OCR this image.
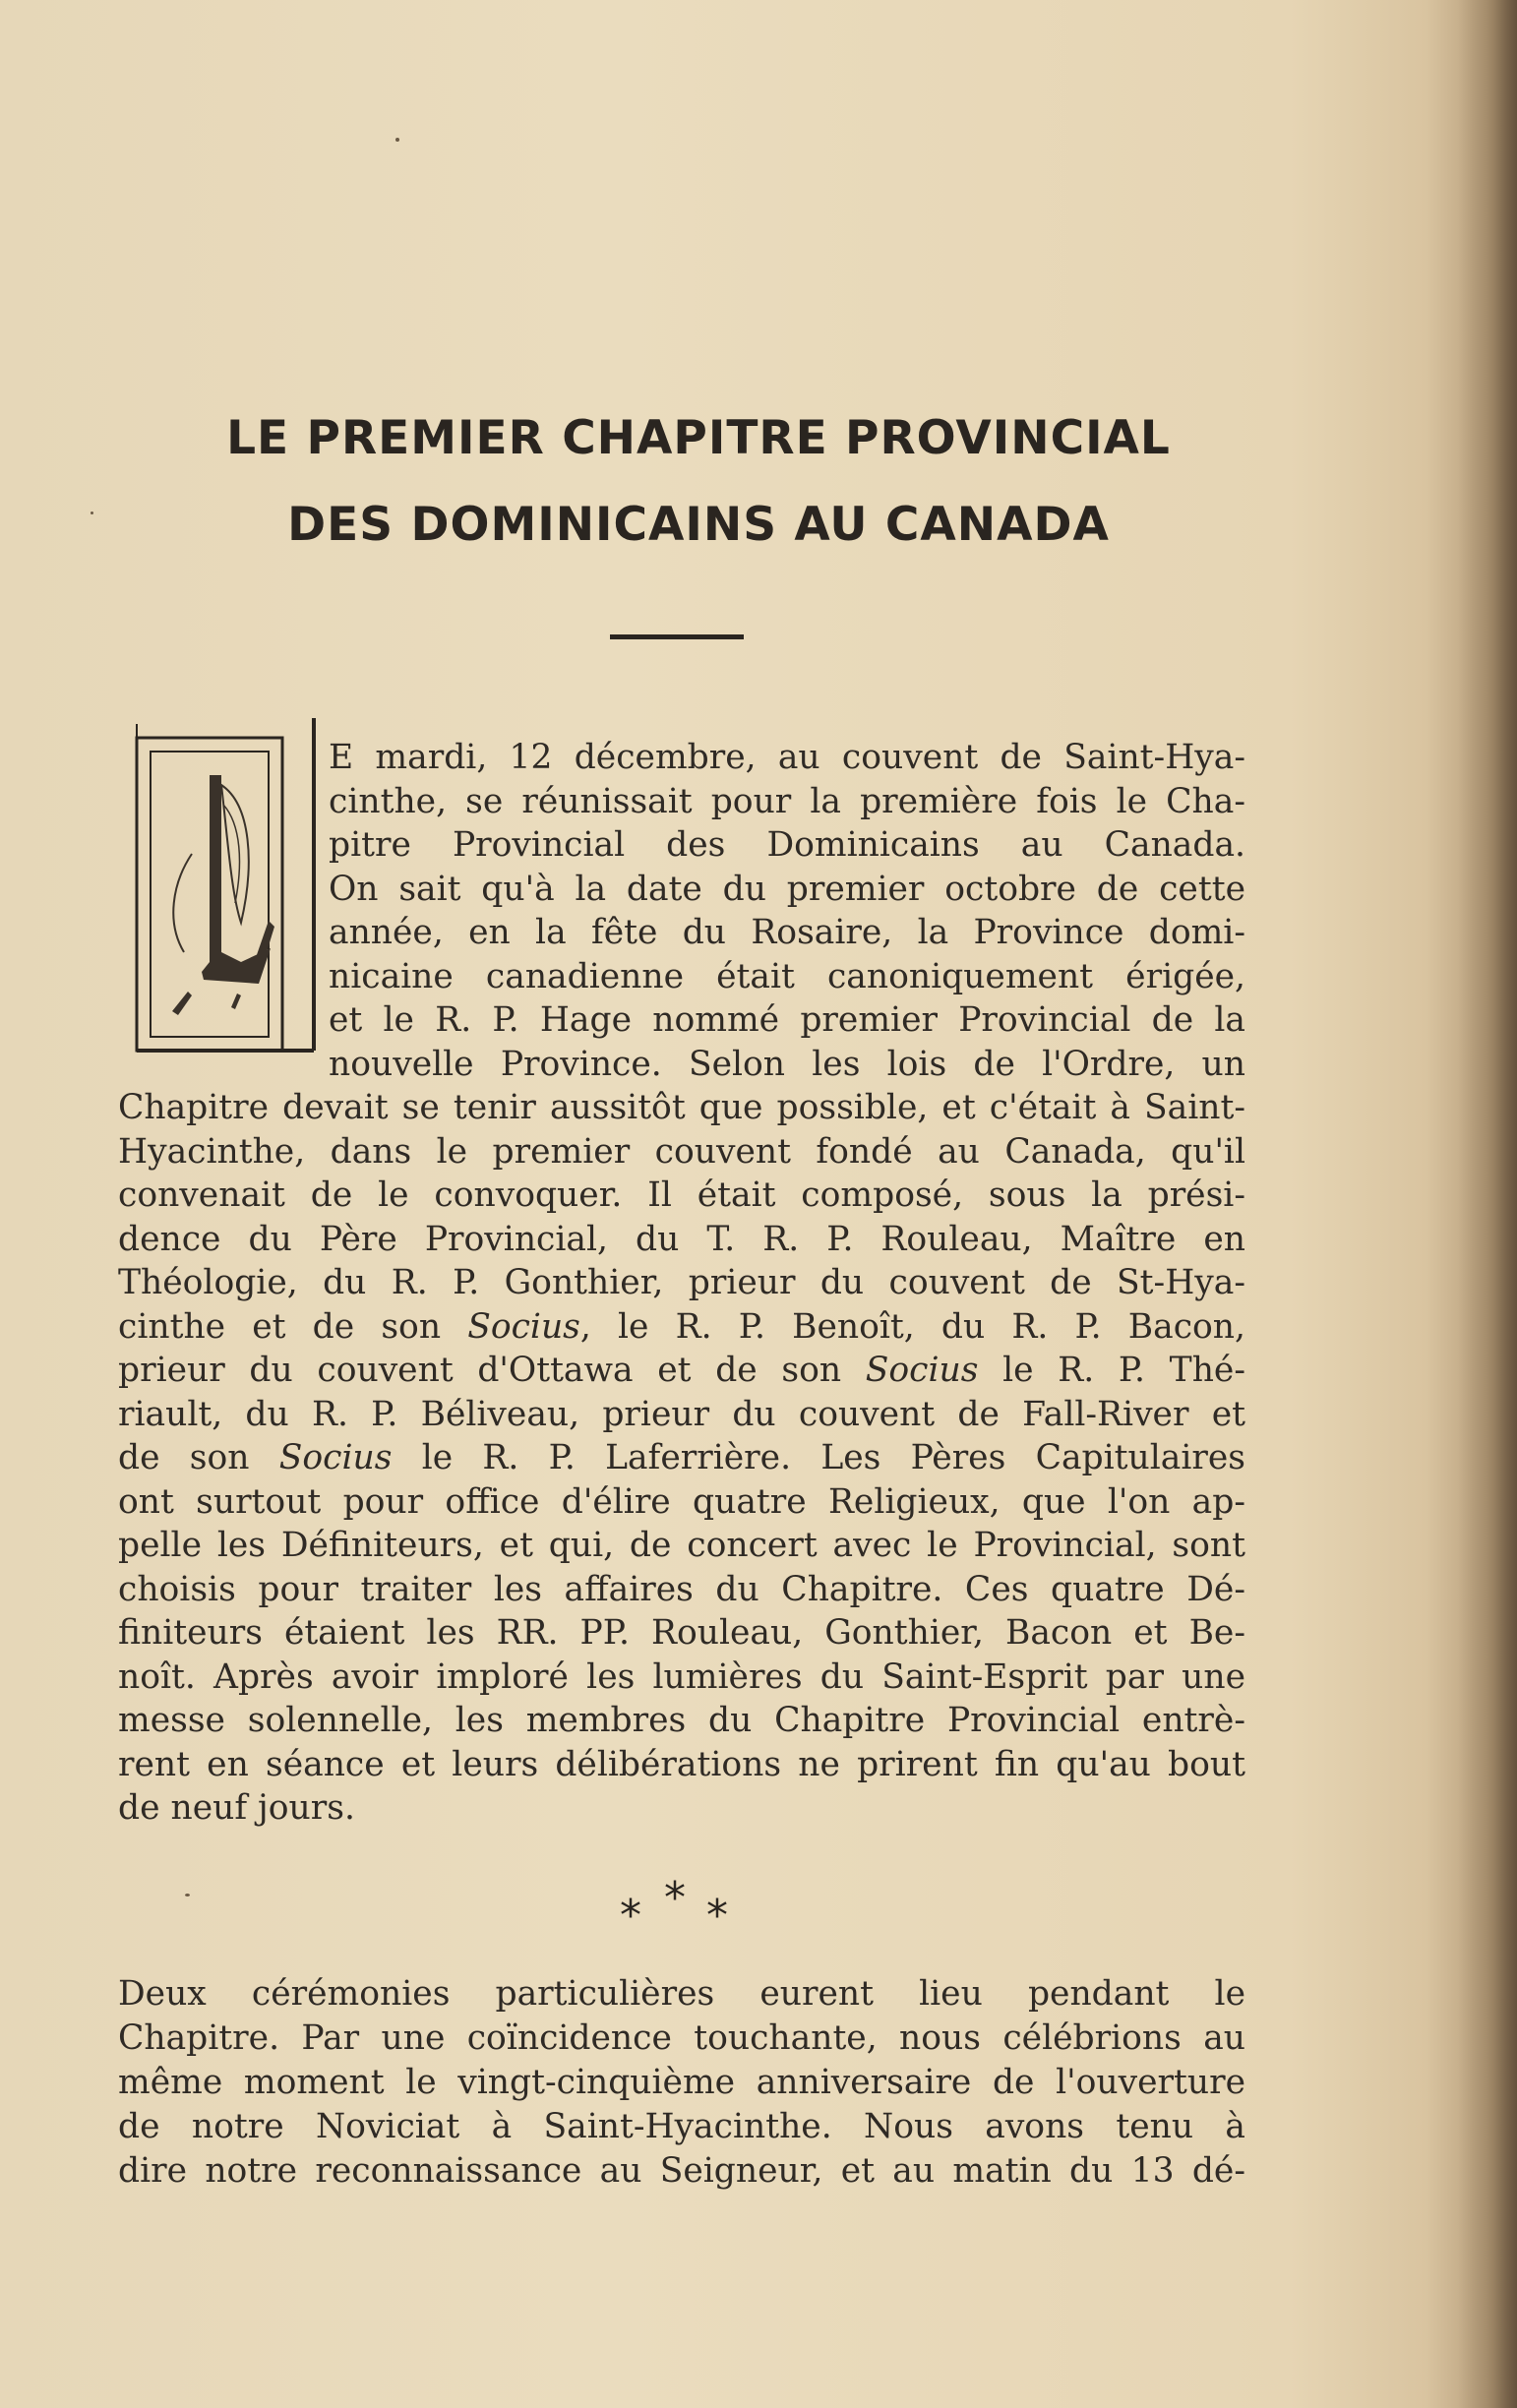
LE PREMIER CHAPITRE PROVINCIAL
DES DOMINICAINS AU CANADA
E mardi, 12 décembre, au couvent de Saint-Hya-
cinthe, se réunissait pour la première fois le Cha-
pitre Provincial des Dominicains au Canada.
On sait qu'à la date du premier octobre de cette
année, en la fête du Rosaire, la Province domi-
nicaine canadienne était canoniquement érigée,
et le R. P. Hage nommé premier Provincial de la
nouvelle Province. Selon les lois de l'Ordre, un
Chapitre devait se tenir aussitôt que possible, et c'était à Saint-
Hyacinthe, dans le premier couvent fondé au Canada, qu'il
convenait de le convoquer. Il était composé, sous la prési-
dence du Père Provincial, du T. R. P. Rouleau, Maître en
Théologie, du R. P. Gonthier, prieur du couvent de St-Hya-
cinthe et de son Socius, le R. P. Benoît, du R. P. Bacon,
prieur du couvent d'Ottawa et de son Socius le R. P. Thé-
riault, du R. P. Béliveau, prieur du couvent de Fall-River et
de son Socius le R. P. Laferrière. Les Pères Capitulaires
ont surtout pour office d'élire quatre Religieux, que l'on ap-
pelle les Définiteurs, et qui, de concert avec le Provincial, sont
choisis pour traiter les affaires du Chapitre. Ces quatre Dé-
finiteurs étaient les RR. PP. Rouleau, Gonthier, Bacon et Be-
noît. Après avoir imploré les lumières du Saint-Esprit par une
messe solennelle, les membres du Chapitre Provincial entrè-
rent en séance et leurs délibérations ne prirent fin qu'au bout
de neuf jours.
* * *
Deux cérémonies particulières eurent lieu pendant le
Chapitre. Par une coïncidence touchante, nous célébrions au
même moment le vingt-cinquième anniversaire de l'ouverture
de notre Noviciat à Saint-Hyacinthe. Nous avons tenu à
dire notre reconnaissance au Seigneur, et au matin du 13 dé-
